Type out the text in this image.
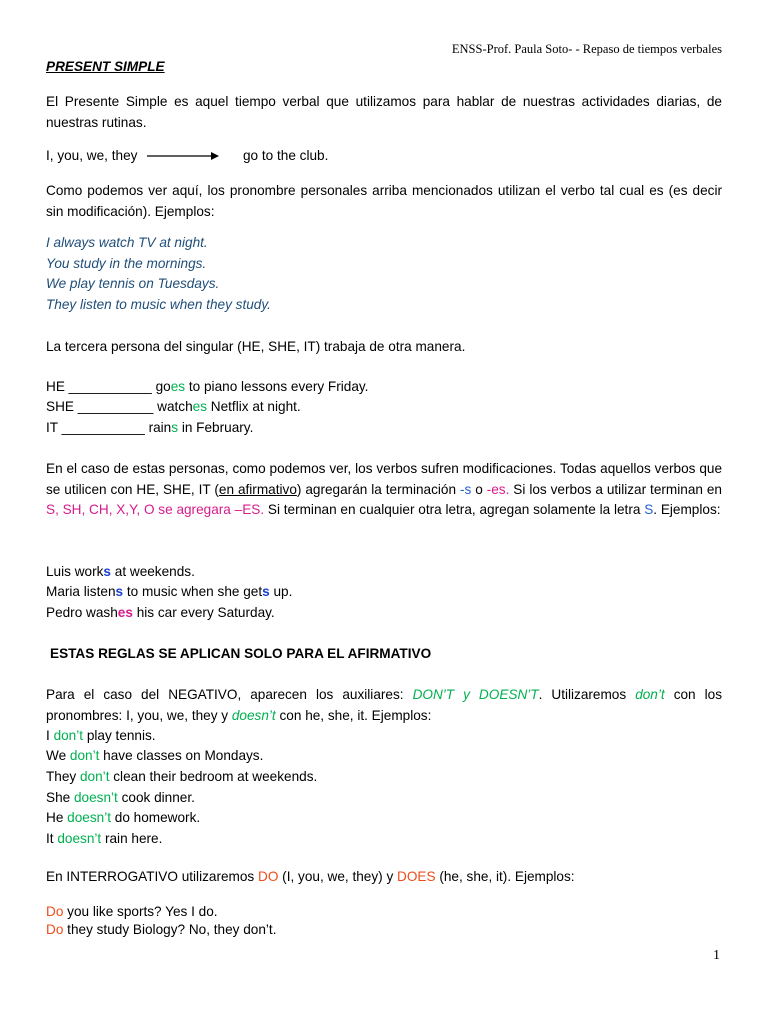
ENSS-Prof. Paula Soto- - Repaso de tiempos verbales
PRESENT SIMPLE

El Presente Simple es aquel tiempo verbal que utilizamos para hablar de nuestras actividades diarias, de nuestras rutinas.

I, you, we, they	go to the club.

Como podemos ver aquí, los pronombre personales arriba mencionados utilizan el verbo tal cual es (es decir sin modificación). Ejemplos:

I always watch TV at night.
You study in the mornings.
We play tennis on Tuesdays.
They listen to music when they study.
La tercera persona del singular (HE, SHE, IT) trabaja de otra manera.
HE ___________ goes to piano lessons every Friday.
SHE __________ watches Netflix at night.
IT ___________ rains in February.

En el caso de estas personas, como podemos ver, los verbos sufren modificaciones. Todas aquellos verbos que se utilicen con HE, SHE, IT (en afirmativo) agregarán la terminación -s o -es. Si los verbos a utilizar terminan en S, SH, CH, X,Y, O se agregara –ES. Si terminan en cualquier otra letra, agregan solamente la letra S. Ejemplos:

Luis works at weekends.
Maria listens to music when she gets up.
Pedro washes his car every Saturday.
ESTAS REGLAS SE APLICAN SOLO PARA EL AFIRMATIVO

Para el caso del NEGATIVO, aparecen los auxiliares: DON’T y DOESN’T. Utilizaremos don’t con los pronombres: I, you, we, they y doesn’t con he, she, it. Ejemplos:

I don’t play tennis.
We don’t have classes on Mondays.
They don’t clean their bedroom at weekends.
She doesn’t cook dinner.
He doesn’t do homework.
It doesn’t rain here.
En INTERROGATIVO utilizaremos DO (I, you, we, they) y DOES (he, she, it). Ejemplos:
Do you like sports? Yes I do.
Do they study Biology? No, they don’t.
1
